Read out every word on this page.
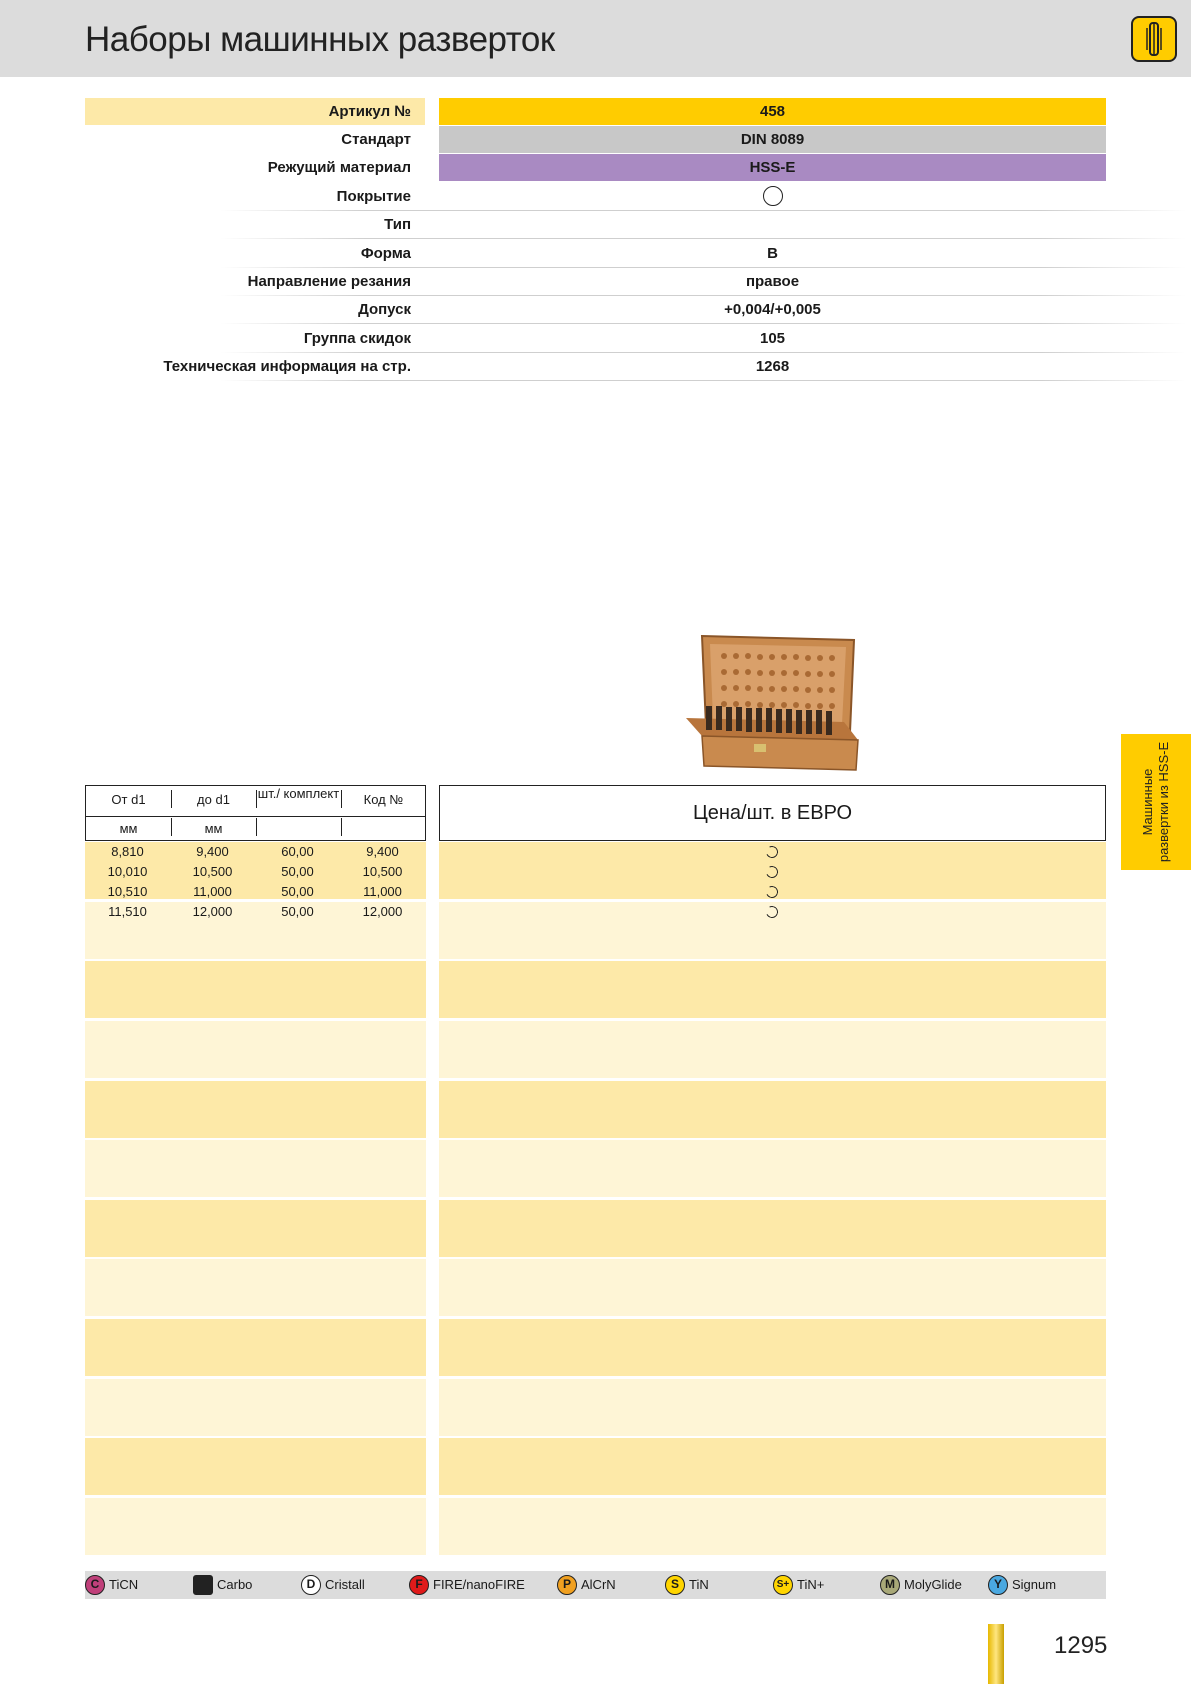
Наборы машинных разверток
Артикул №	458
Стандарт	DIN 8089
Режущий материал	HSS-E
Покрытие
Тип
Форма	B
Направление резания	правое
Допуск	+0,004/+0,005
Группа скидок	105
Техническая информация на стр.	1268
Машинные развертки из HSS-E
От d1	до d1	шт./ комплект	Код №
мм	мм
Цена/шт. в ЕВРО
8,810	9,400	60,00	9,400
10,010	10,500	50,00	10,500
10,510	11,000	50,00	11,000
11,510	12,000	50,00	12,000
C TiCN	Carbo	D Cristall	F FIRE/nanoFIRE	P AlCrN	S TiN	S+ TiN+	M MolyGlide	Y Signum
1295
